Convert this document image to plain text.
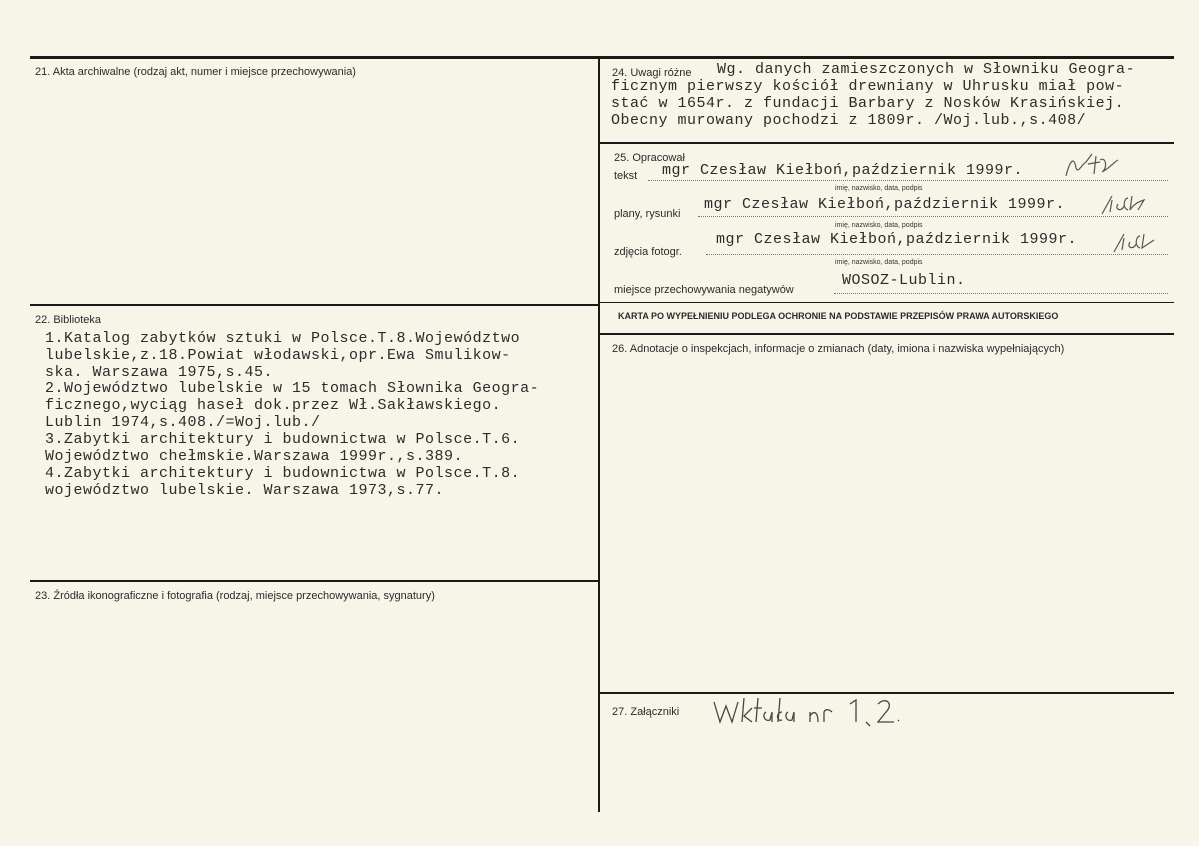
21. Akta archiwalne (rodzaj akt, numer i miejsce przechowywania)
22. Biblioteka
1.Katalog zabytków sztuki w Polsce.T.8.Województwo
lubelskie,z.18.Powiat włodawski,opr.Ewa Smulikow-
ska. Warszawa 1975,s.45.
2.Województwo lubelskie w 15 tomach Słownika Geogra-
ficznego,wyciąg haseł dok.przez Wł.Sakławskiego.
Lublin 1974,s.408./=Woj.lub./
3.Zabytki architektury i budownictwa w Polsce.T.6.
Województwo chełmskie.Warszawa 1999r.,s.389.
4.Zabytki architektury i budownictwa w Polsce.T.8.
województwo lubelskie. Warszawa 1973,s.77.
23. Źródła ikonograficzne i fotografia (rodzaj, miejsce przechowywania, sygnatury)
24. Uwagi różne Wg. danych zamieszczonych w Słowniku Geogra-
ficznym pierwszy kościół drewniany w Uhrusku miał pow-
stać w 1654r. z fundacji Barbary z Nosków Krasińskiej.
Obecny murowany pochodzi z 1809r. /Woj.lub.,s.408/
25. Opracował
tekst mgr Czesław Kiełboń,październik 1999r.
imię, nazwisko, data, podpis
plany, rysunki
mgr Czesław Kiełboń,październik 1999r.
imię, nazwisko, data, podpis
zdjęcia fotogr.
mgr Czesław Kiełboń,październik 1999r.
imię, nazwisko, data, podpis
miejsce przechowywania negatywów
WOSOZ-Lublin.
KARTA PO WYPEŁNIENIU PODLEGA OCHRONIE NA PODSTAWIE PRZEPISÓW PRAWA AUTORSKIEGO
26. Adnotacje o inspekcjach, informacje o zmianach (daty, imiona i nazwiska wypełniających)
27. Załączniki
